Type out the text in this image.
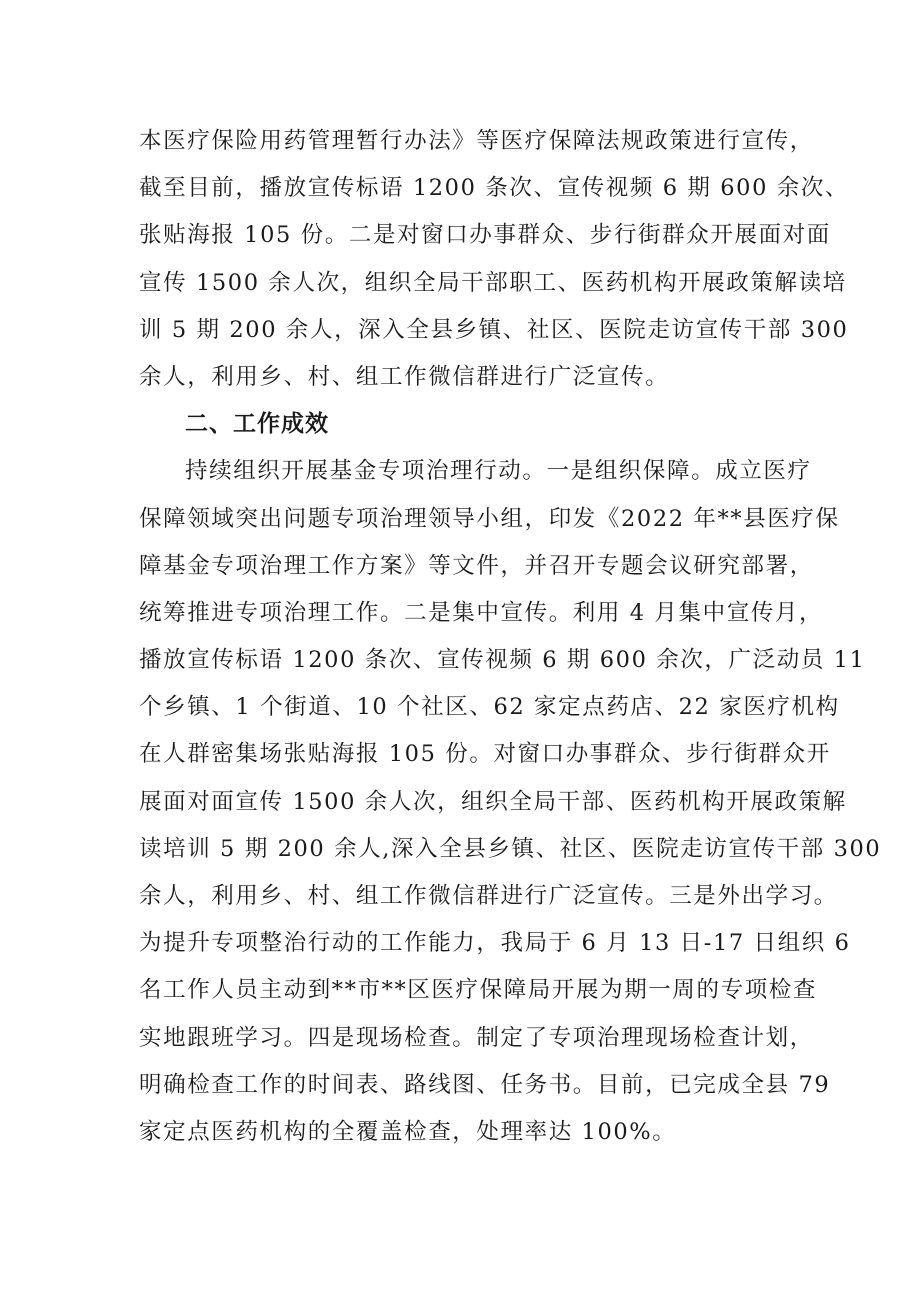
本医疗保险用药管理暂行办法》等医疗保障法规政策进行宣传，
截至目前，播放宣传标语 1200 条次、宣传视频 6 期 600 余次、
张贴海报 105 份。二是对窗口办事群众、步行街群众开展面对面
宣传 1500 余人次，组织全局干部职工、医药机构开展政策解读培
训 5 期 200 余人，深入全县乡镇、社区、医院走访宣传干部 300
余人，利用乡、村、组工作微信群进行广泛宣传。
二、工作成效
持续组织开展基金专项治理行动。一是组织保障。成立医疗
保障领域突出问题专项治理领导小组，印发《2022 年**县医疗保
障基金专项治理工作方案》等文件，并召开专题会议研究部署，
统筹推进专项治理工作。二是集中宣传。利用 4 月集中宣传月，
播放宣传标语 1200 条次、宣传视频 6 期 600 余次，广泛动员 11
个乡镇、1 个街道、10 个社区、62 家定点药店、22 家医疗机构
在人群密集场张贴海报 105 份。对窗口办事群众、步行街群众开
展面对面宣传 1500 余人次，组织全局干部、医药机构开展政策解
读培训 5 期 200 余人,深入全县乡镇、社区、医院走访宣传干部 300
余人，利用乡、村、组工作微信群进行广泛宣传。三是外出学习。
为提升专项整治行动的工作能力，我局于 6 月 13 日-17 日组织 6
名工作人员主动到**市**区医疗保障局开展为期一周的专项检查
实地跟班学习。四是现场检查。制定了专项治理现场检查计划，
明确检查工作的时间表、路线图、任务书。目前，已完成全县 79
家定点医药机构的全覆盖检查，处理率达 100%。
